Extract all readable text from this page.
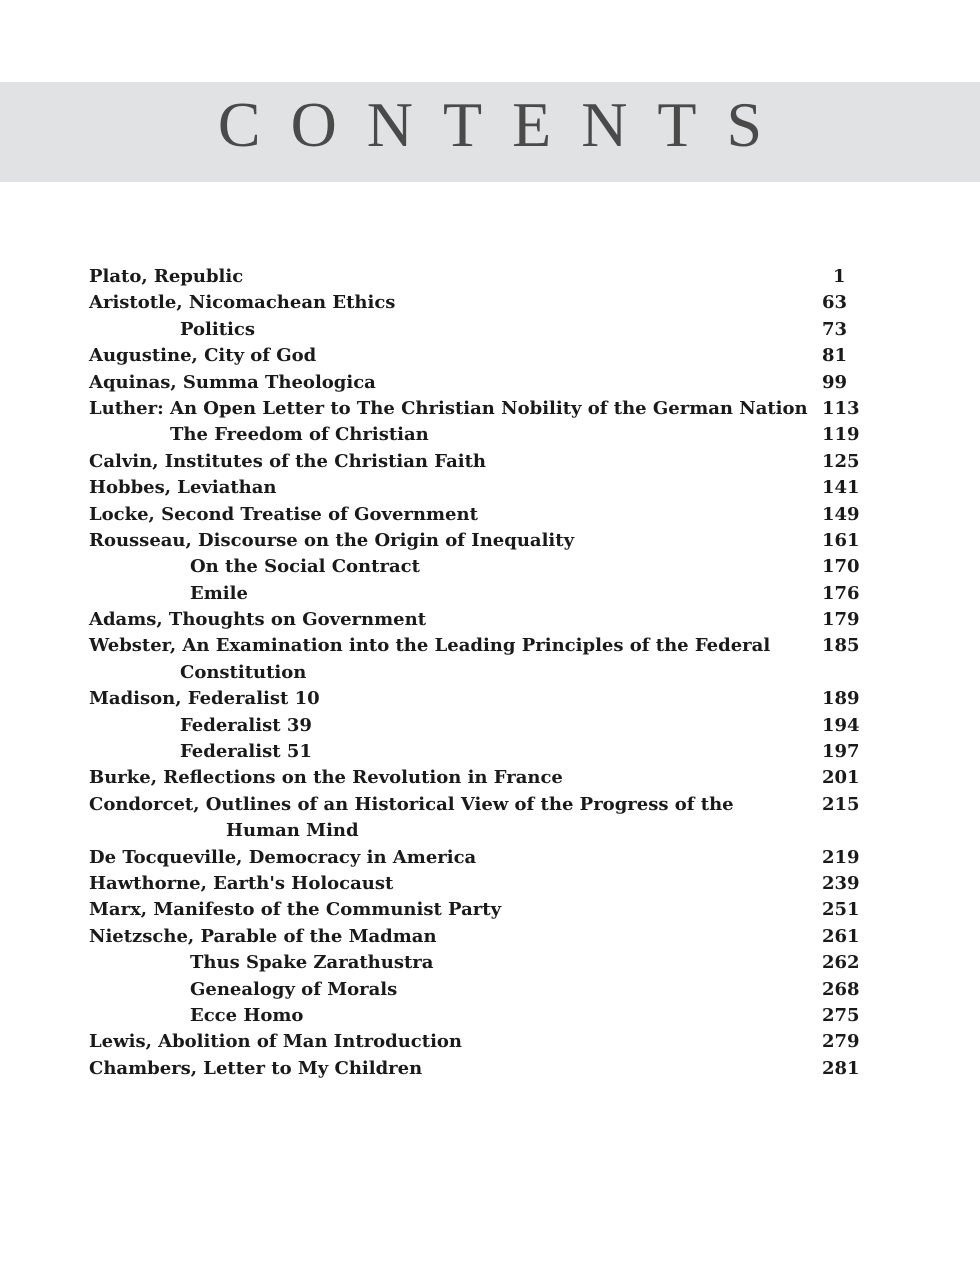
CONTENTS
Plato, Republic	1
Aristotle, Nicomachean Ethics	63
Politics	73
Augustine, City of God	81
Aquinas, Summa Theologica	99
Luther: An Open Letter to The Christian Nobility of the German Nation 113
The Freedom of Christian	119
Calvin, Institutes of the Christian Faith	125
Hobbes, Leviathan	141
Locke, Second Treatise of Government	149
Rousseau, Discourse on the Origin of Inequality	161
On the Social Contract	170
Emile	176
Adams, Thoughts on Government	179
Webster, An Examination into the Leading Principles of the Federal	185
Constitution
Madison, Federalist 10	189
Federalist 39	194
Federalist 51	197
Burke, Reflections on the Revolution in France	201
Condorcet, Outlines of an Historical View of the Progress of the	215
Human Mind
De Tocqueville, Democracy in America	219
Hawthorne, Earth's Holocaust	239
Marx, Manifesto of the Communist Party	251
Nietzsche, Parable of the Madman	261
Thus Spake Zarathustra	262
Genealogy of Morals	268
Ecce Homo	275
Lewis, Abolition of Man Introduction	279
Chambers, Letter to My Children	281
